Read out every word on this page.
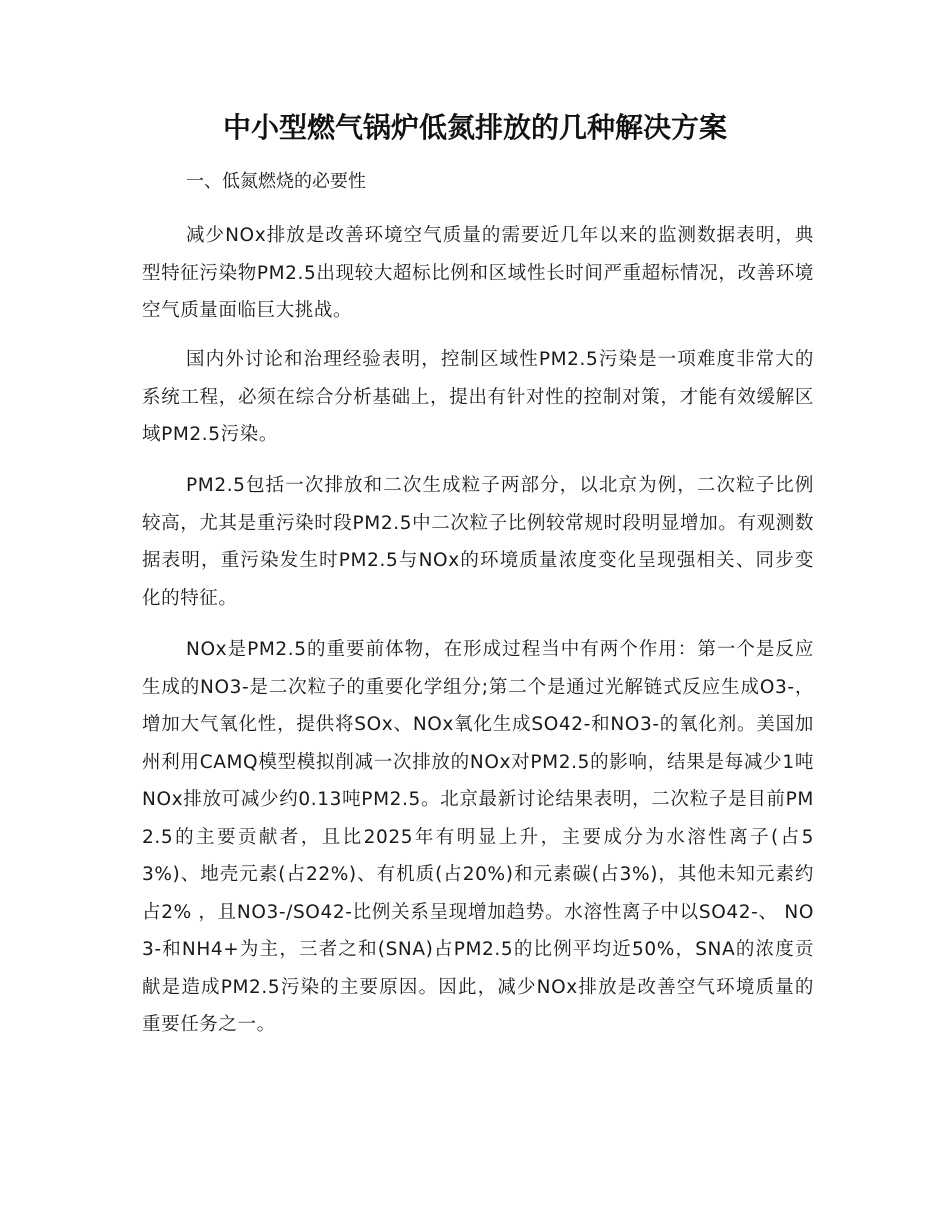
中小型燃气锅炉低氮排放的几种解决方案

一、低氮燃烧的必要性

减少NOx排放是改善环境空气质量的需要近几年以来的监测数据表明，典型特征污染物PM2.5出现较大超标比例和区域性长时间严重超标情况，改善环境空气质量面临巨大挑战。

国内外讨论和治理经验表明，控制区域性PM2.5污染是一项难度非常大的系统工程，必须在综合分析基础上，提出有针对性的控制对策，才能有效缓解区域PM2.5污染。

PM2.5包括一次排放和二次生成粒子两部分，以北京为例，二次粒子比例较高，尤其是重污染时段PM2.5中二次粒子比例较常规时段明显增加。有观测数据表明，重污染发生时PM2.5与NOx的环境质量浓度变化呈现强相关、同步变化的特征。

NOx是PM2.5的重要前体物，在形成过程当中有两个作用：第一个是反应生成的NO3-是二次粒子的重要化学组分;第二个是通过光解链式反应生成O3-，增加大气氧化性，提供将SOx、NOx氧化生成SO42-和NO3-的氧化剂。美国加州利用CAMQ模型模拟削减一次排放的NOx对PM2.5的影响，结果是每减少1吨NOx排放可减少约0.13吨PM2.5。北京最新讨论结果表明，二次粒子是目前PM2.5的主要贡献者，且比2025年有明显上升，主要成分为水溶性离子(占53%)、地壳元素(占22%)、有机质(占20%)和元素碳(占3%)，其他未知元素约占2% ，且NO3-/SO42-比例关系呈现增加趋势。水溶性离子中以SO42-、 NO3-和NH4+为主，三者之和(SNA)占PM2.5的比例平均近50%，SNA的浓度贡献是造成PM2.5污染的主要原因。因此，减少NOx排放是改善空气环境质量的重要任务之一。
